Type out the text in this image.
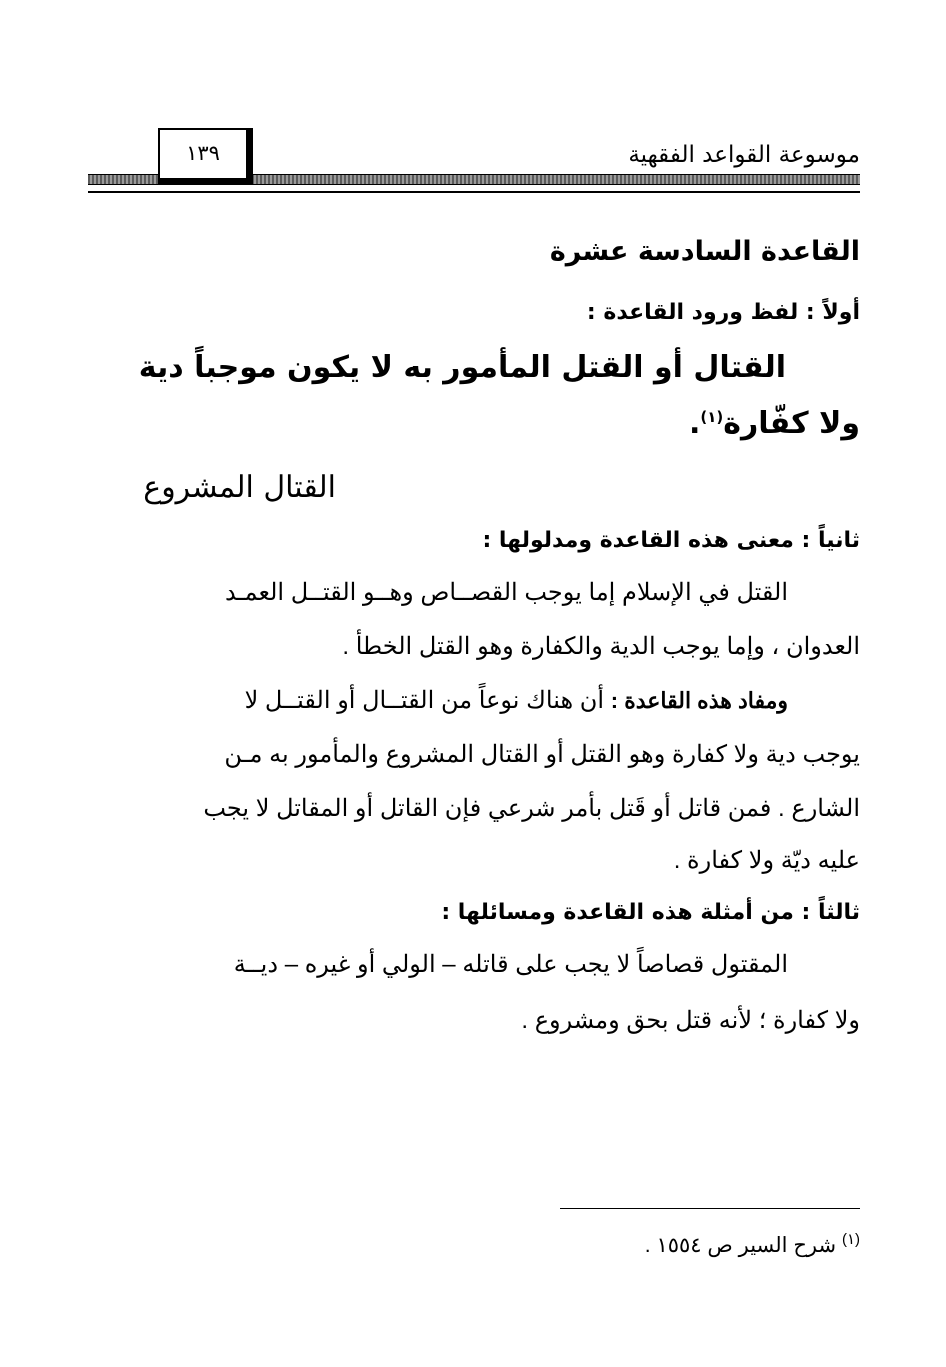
موسوعة القواعد الفقهية
١٣٩
القاعدة السادسة عشرة
أولاً : لفظ ورود القاعدة :
القتال أو القتل المأمور به لا يكون موجباً دية
ولا كفّارة$^{(١)}$.
القتال المشروع
ثانياً : معنى هذه القاعدة ومدلولها :
القتل في الإسلام إما يوجب القصــاص وهــو القتــل العمـد
العدوان ، وإما يوجب الدية والكفارة وهو القتل الخطأ .
ومفاد هذه القاعدة : أن هناك نوعاً من القتــال أو القتــل لا
يوجب دية ولا كفارة وهو القتل أو القتال المشروع والمأمور به مـن
الشارع . فمن قاتل أو قَتل بأمر شرعي فإن القاتل أو المقاتل لا يجب
عليه ديّة ولا كفارة .
ثالثاً : من أمثلة هذه القاعدة ومسائلها :
المقتول قصاصاً لا يجب على قاتله – الولي أو غيره – ديــة
ولا كفارة ؛ لأنه قتل بحق ومشروع .
$^{(١)}$ شرح السير ص ١٥٥٤ .
